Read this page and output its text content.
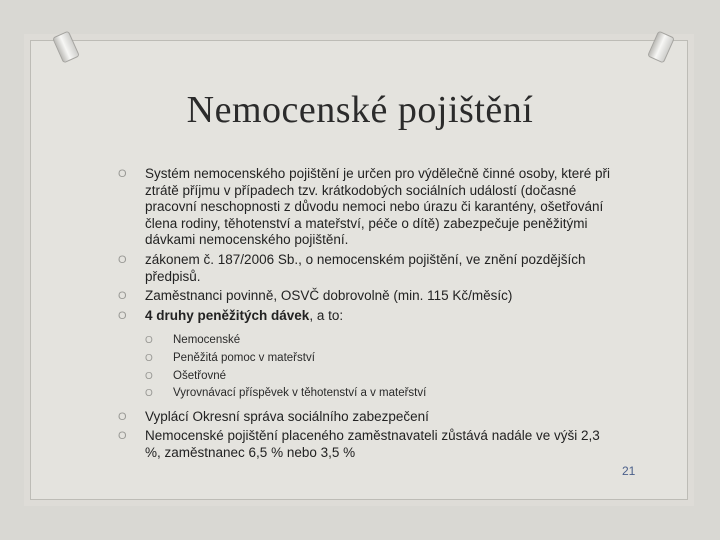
Nemocenské pojištění
O Systém nemocenského pojištění je určen pro výdělečně činné osoby, které při ztrátě příjmu v případech tzv. krátkodobých sociálních událostí (dočasné pracovní neschopnosti z důvodu nemoci nebo úrazu či karantény, ošetřování člena rodiny, těhotenství a mateřství, péče o dítě) zabezpečuje peněžitými dávkami nemocenského pojištění.
O zákonem č. 187/2006 Sb., o nemocenském pojištění, ve znění pozdějších předpisů.
O Zaměstnanci povinně, OSVČ dobrovolně (min. 115 Kč/měsíc)
O 4 druhy peněžitých dávek, a to:
O Nemocenské
O Peněžitá pomoc v mateřství
O Ošetřovné
O Vyrovnávací příspěvek v těhotenství a v mateřství
O Vyplácí Okresní správa sociálního zabezpečení
O Nemocenské pojištění placeného zaměstnavateli zůstává nadále ve výši 2,3 %, zaměstnanec 6,5 % nebo 3,5 %
21
